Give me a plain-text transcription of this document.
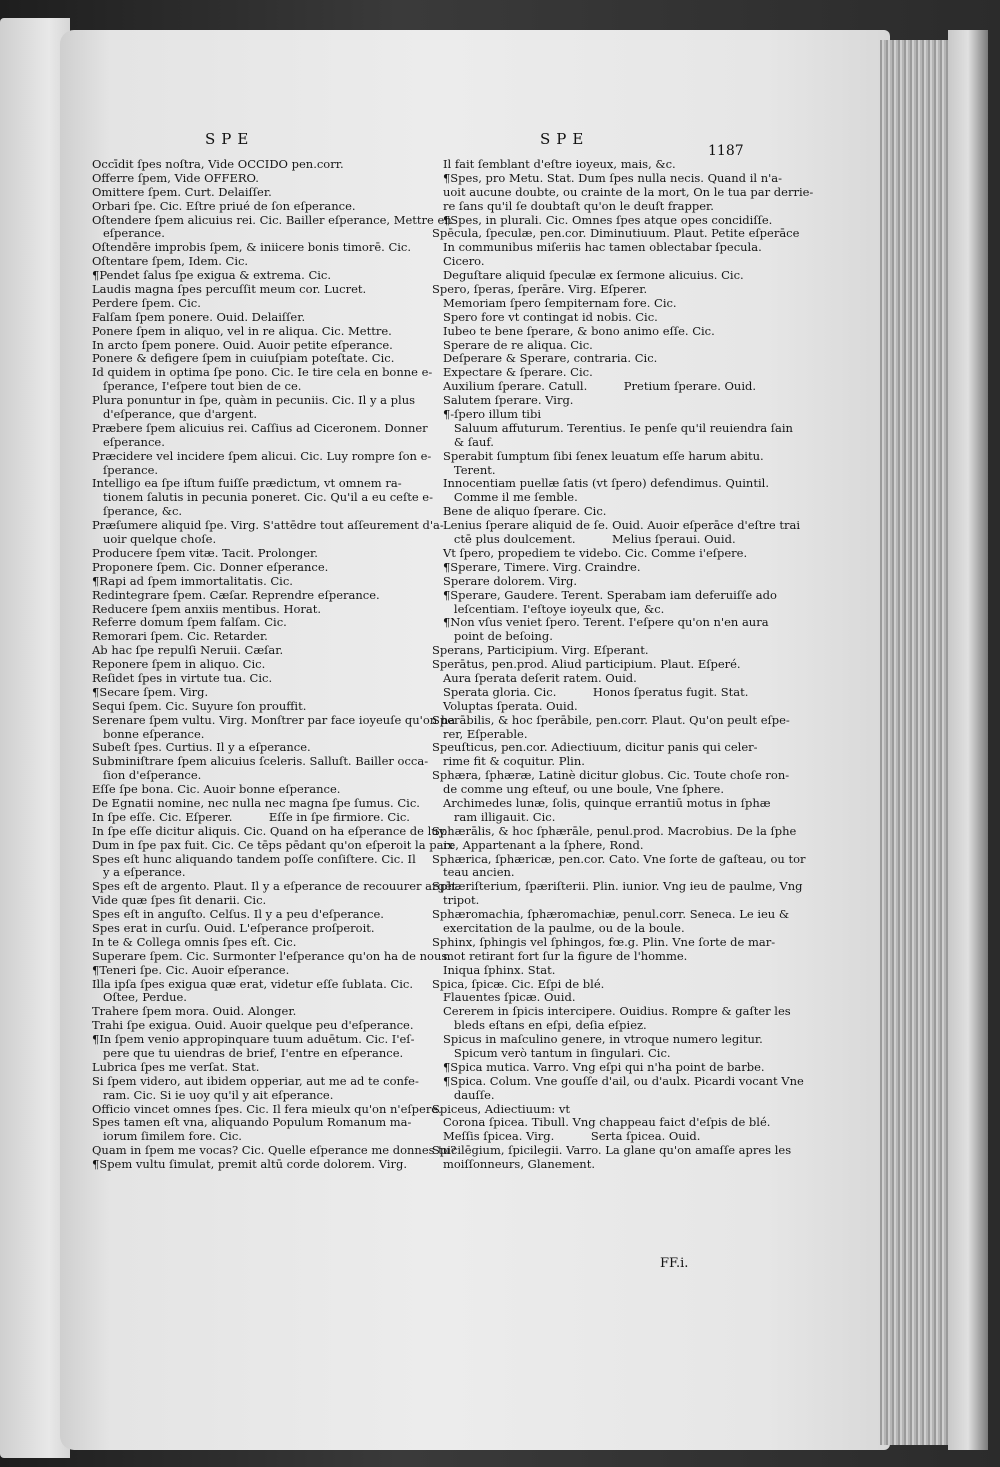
SPE	SPE
1187
Occīdit ſpes noſtra, Vide OCCIDO pen.corr.
Offerre ſpem, Vide OFFERO.
Omittere ſpem. Curt. Delaiſſer.
Orbari ſpe. Cic. Eſtre priué de ſon eſperance.
Oſtendere ſpem alicuius rei. Cic. Bailler eſperance, Mettre en
eſperance.
Oſtendēre improbis ſpem, & iniicere bonis timorē. Cic.
Oſtentare ſpem, Idem. Cic.
¶Pendet ſalus ſpe exigua & extrema. Cic.
Laudis magna ſpes percuſſit meum cor. Lucret.
Perdere ſpem. Cic.
Falſam ſpem ponere. Ouid. Delaiſſer.
Ponere ſpem in aliquo, vel in re aliqua. Cic. Mettre.
In arcto ſpem ponere. Ouid. Auoir petite eſperance.
Ponere & defigere ſpem in cuiuſpiam poteſtate. Cic.
Id quidem in optima ſpe pono. Cic. Ie tire cela en bonne e-
ſperance, I'eſpere tout bien de ce.
Plura ponuntur in ſpe, quàm in pecuniis. Cic. Il y a plus
d'eſperance, que d'argent.
Præbere ſpem alicuius rei. Caſſius ad Ciceronem. Donner
eſperance.
Præcidere vel incidere ſpem alicui. Cic. Luy rompre ſon e-
ſperance.
Intelligo ea ſpe iſtum fuiſſe prædictum, vt omnem ra-
tionem ſalutis in pecunia poneret. Cic. Qu'il a eu ceſte e-
ſperance, &c.
Præſumere aliquid ſpe. Virg. S'attēdre tout aſſeurement d'a-
uoir quelque choſe.
Producere ſpem vitæ. Tacit. Prolonger.
Proponere ſpem. Cic. Donner eſperance.
¶Rapi ad ſpem immortalitatis. Cic.
Redintegrare ſpem. Cæſar. Reprendre eſperance.
Reducere ſpem anxiis mentibus. Horat.
Referre domum ſpem falſam. Cic.
Remorari ſpem. Cic. Retarder.
Ab hac ſpe repulſi Neruii. Cæſar.
Reponere ſpem in aliquo. Cic.
Reſidet ſpes in virtute tua. Cic.
¶Secare ſpem. Virg.
Sequi ſpem. Cic. Suyure ſon prouffit.
Serenare ſpem vultu. Virg. Monſtrer par face ioyeuſe qu'on ha
bonne eſperance.
Subeſt ſpes. Curtius. Il y a eſperance.
Subminiſtrare ſpem alicuius ſceleris. Salluſt. Bailler occa-
ſion d'eſperance.
Eſſe ſpe bona. Cic. Auoir bonne eſperance.
De Egnatii nomine, nec nulla nec magna ſpe ſumus. Cic.
In ſpe eſſe. Cic. Eſperer.          Eſſe in ſpe firmiore. Cic.
In ſpe eſſe dicitur aliquis. Cic. Quand on ha eſperance de luy.
Dum in ſpe pax fuit. Cic. Ce tēps pēdant qu'on eſperoit la paix
Spes eſt hunc aliquando tandem poſſe conſiſtere. Cic. Il
y a eſperance.
Spes eſt de argento. Plaut. Il y a eſperance de recouurer argēt.
Vide quæ ſpes ſit denarii. Cic.
Spes eſt in anguſto. Celſus. Il y a peu d'eſperance.
Spes erat in curſu. Ouid. L'eſperance proſperoit.
In te & Collega omnis ſpes eſt. Cic.
Superare ſpem. Cic. Surmonter l'eſperance qu'on ha de nous.
¶Teneri ſpe. Cic. Auoir eſperance.
Illa ipſa ſpes exigua quæ erat, videtur eſſe ſublata. Cic.
Oſtee, Perdue.
Trahere ſpem mora. Ouid. Alonger.
Trahi ſpe exigua. Ouid. Auoir quelque peu d'eſperance.
¶In ſpem venio appropinquare tuum aduētum. Cic. I'eſ-
pere que tu uiendras de brief, I'entre en eſperance.
Lubrica ſpes me verſat. Stat.
Si ſpem videro, aut ibidem opperiar, aut me ad te confe-
ram. Cic. Si ie uoy qu'il y ait eſperance.
Officio vincet omnes ſpes. Cic. Il fera mieulx qu'on n'eſpere.
Spes tamen eſt vna, aliquando Populum Romanum ma-
iorum ſimilem fore. Cic.
Quam in ſpem me vocas? Cic. Quelle eſperance me donnes tu?
¶Spem vultu ſimulat, premit altū corde dolorem. Virg.
Il fait ſemblant d'eſtre ioyeux, mais, &c.
¶Spes, pro Metu. Stat. Dum ſpes nulla necis. Quand il n'a-
uoit aucune doubte, ou crainte de la mort, On le tua par derrie-
re ſans qu'il ſe doubtaſt qu'on le deuſt frapper.
¶Spes, in plurali. Cic. Omnes ſpes atque opes concidiſſe.
Spēcula, ſpeculæ, pen.cor. Diminutiuum. Plaut. Petite eſperāce
In communibus miſeriis hac tamen oblectabar ſpecula.
Cicero.
Deguſtare aliquid ſpeculæ ex ſermone alicuius. Cic.
Spero, ſperas, ſperāre. Virg. Eſperer.
Memoriam ſpero ſempiternam fore. Cic.
Spero fore vt contingat id nobis. Cic.
Iubeo te bene ſperare, & bono animo eſſe. Cic.
Sperare de re aliqua. Cic.
Deſperare & Sperare, contraria. Cic.
Expectare & ſperare. Cic.
Auxilium ſperare. Catull.          Pretium ſperare. Ouid.
Salutem ſperare. Virg.
¶-ſpero illum tibi
Saluum affuturum. Terentius. Ie penſe qu'il reuiendra ſain
& ſauf.
Sperabit ſumptum ſibi ſenex leuatum eſſe harum abitu.
Terent.
Innocentiam puellæ ſatis (vt ſpero) defendimus. Quintil.
Comme il me ſemble.
Bene de aliquo ſperare. Cic.
Lenius ſperare aliquid de ſe. Ouid. Auoir eſperāce d'eſtre trai
ctē plus doulcement.          Melius ſperaui. Ouid.
Vt ſpero, propediem te videbo. Cic. Comme i'eſpere.
¶Sperare, Timere. Virg. Craindre.
Sperare dolorem. Virg.
¶Sperare, Gaudere. Terent. Sperabam iam deferuiſſe ado
leſcentiam. I'eſtoye ioyeulx que, &c.
¶Non vſus veniet ſpero. Terent. I'eſpere qu'on n'en aura
point de beſoing.
Sperans, Participium. Virg. Eſperant.
Sperātus, pen.prod. Aliud participium. Plaut. Eſperé.
Aura ſperata deſerit ratem. Ouid.
Sperata gloria. Cic.          Honos ſperatus fugit. Stat.
Voluptas ſperata. Ouid.
Sperābilis, & hoc ſperābile, pen.corr. Plaut. Qu'on peult eſpe-
rer, Eſperable.
Speuſticus, pen.cor. Adiectiuum, dicitur panis qui celer-
rime fit & coquitur. Plin.
Sphæra, ſphæræ, Latinè dicitur globus. Cic. Toute choſe ron-
de comme ung eſteuf, ou une boule, Vne ſphere.
Archimedes lunæ, ſolis, quinque errantiū motus in ſphæ
ram illigauit. Cic.
Sphærālis, & hoc ſphærāle, penul.prod. Macrobius. De la ſphe
re, Appartenant a la ſphere, Rond.
Sphærica, ſphæricæ, pen.cor. Cato. Vne ſorte de gaſteau, ou tor
teau ancien.
Sphæriſterium, ſpæriſterii. Plin. iunior. Vng ieu de paulme, Vng
tripot.
Sphæromachia, ſphæromachiæ, penul.corr. Seneca. Le ieu &
exercitation de la paulme, ou de la boule.
Sphinx, ſphingis vel ſphingos, fœ.g. Plin. Vne ſorte de mar-
mot retirant fort ſur la figure de l'homme.
Iniqua ſphinx. Stat.
Spica, ſpicæ. Cic. Eſpi de blé.
Flauentes ſpicæ. Ouid.
Cererem in ſpicis intercipere. Ouidius. Rompre & gaſter les
bleds eſtans en eſpi, deſia eſpiez.
Spicus in maſculino genere, in vtroque numero legitur.
Spicum verò tantum in ſingulari. Cic.
¶Spica mutica. Varro. Vng eſpi qui n'ha point de barbe.
¶Spica. Colum. Vne gouſſe d'ail, ou d'aulx. Picardi vocant Vne
dauſſe.
Spiceus, Adiectiuum: vt
Corona ſpicea. Tibull. Vng chappeau faict d'eſpis de blé.
Meſſis ſpicea. Virg.          Serta ſpicea. Ouid.
Spicilēgium, ſpicilegii. Varro. La glane qu'on amaſſe apres les
moiſſonneurs, Glanement.
FF.i.
